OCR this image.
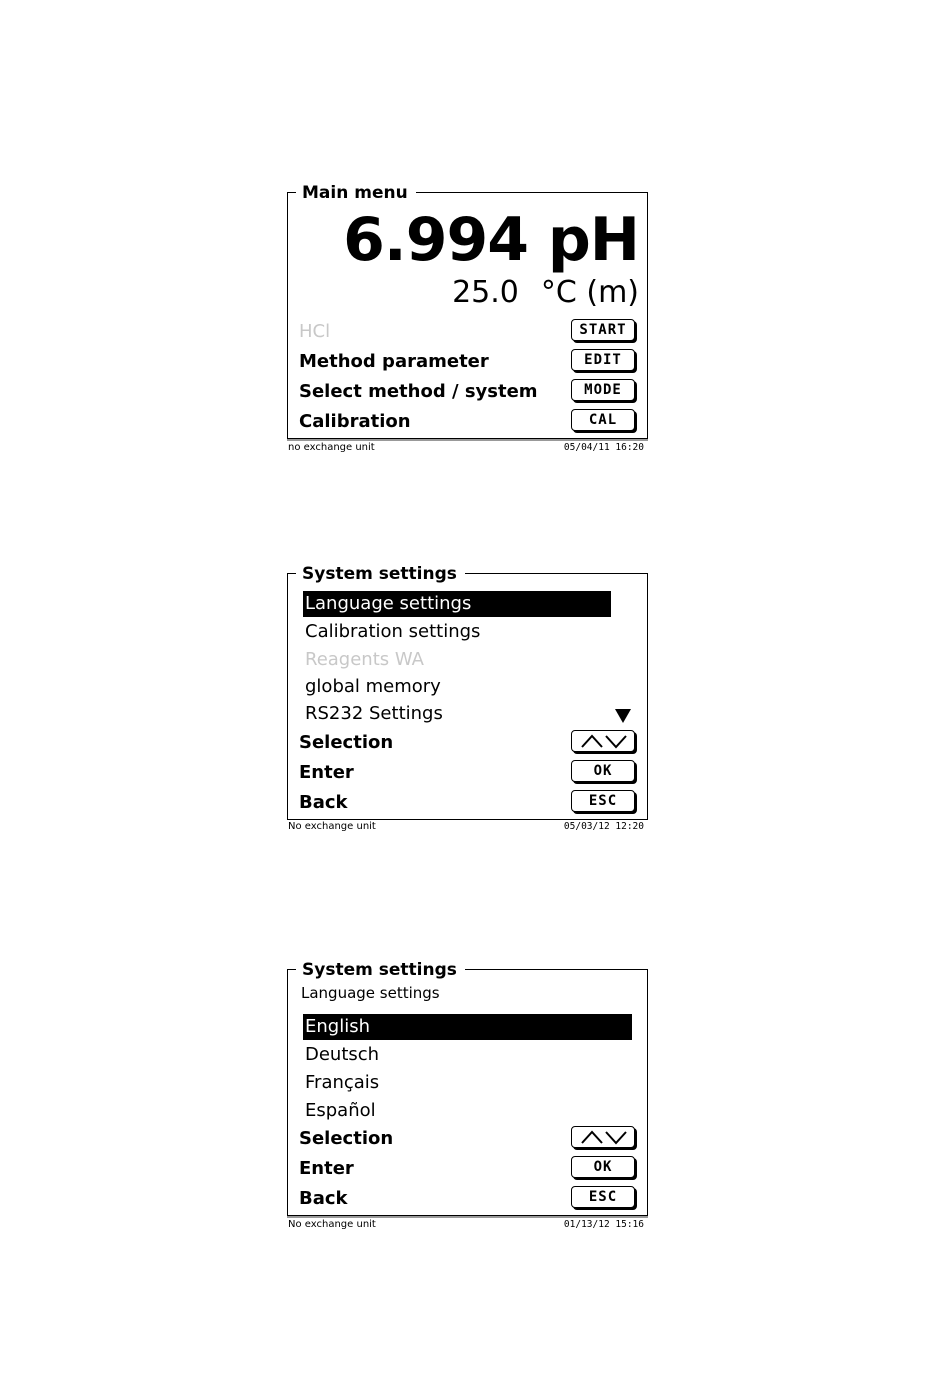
Main menu
6.994 pH
25.0 °C (m)
HCl	START
Method parameter	EDIT
Select method / system	MODE
Calibration	CAL
no exchange unit	05/04/11 16:20
System settings
Language settings
Calibration settings
Reagents WA
global memory
RS232 Settings
Selection
Enter	OK
Back	ESC
No exchange unit	05/03/12 12:20
System settings
Language settings
English
Deutsch
Français
Español
Selection
Enter	OK
Back	ESC
No exchange unit	01/13/12 15:16
